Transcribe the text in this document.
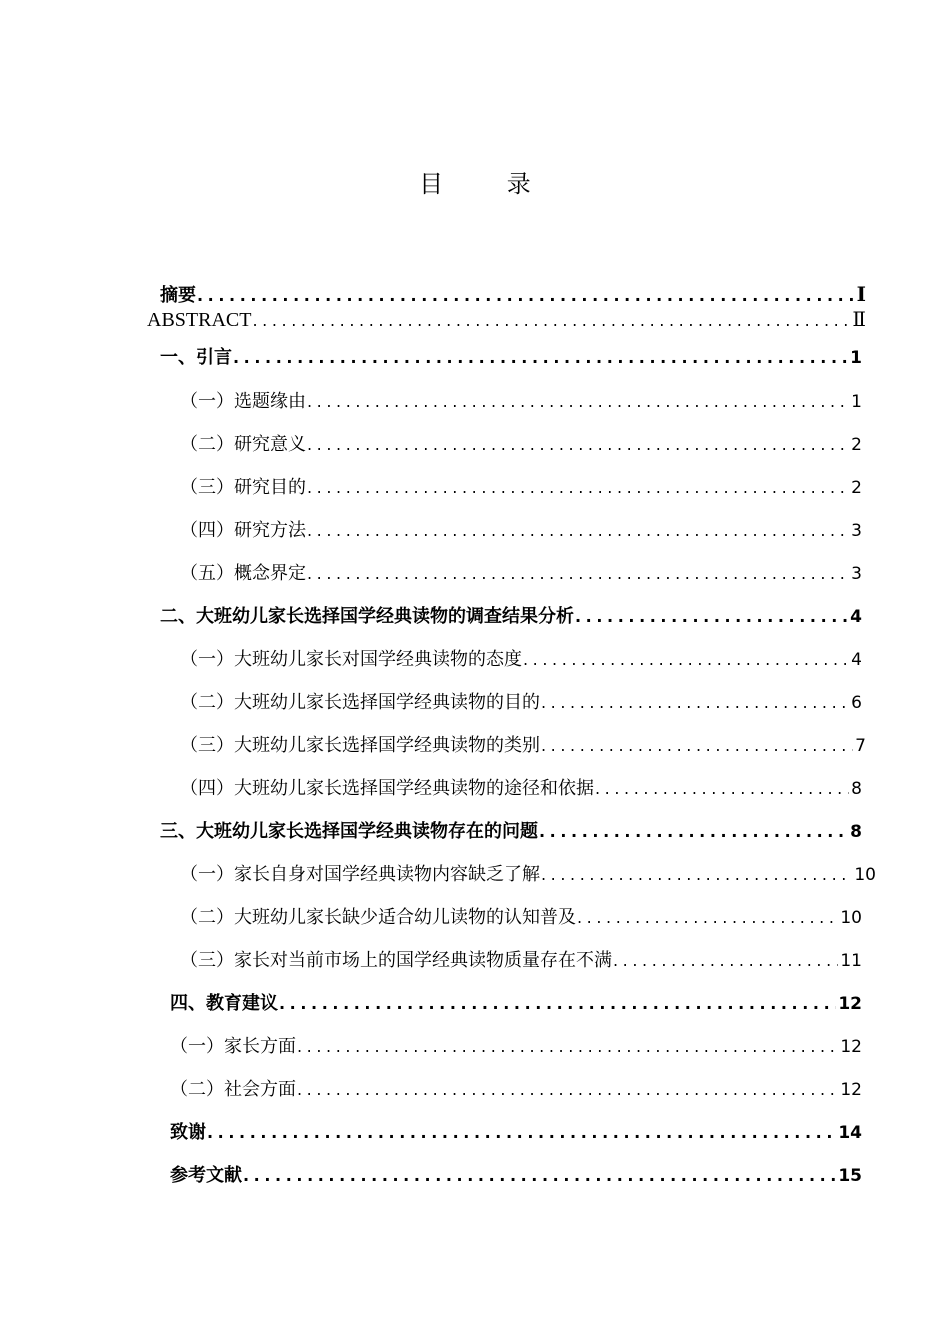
目 录
摘要 .....	Ⅰ
ABSTRACT .....	Ⅱ
一、引言 .....	1
（一）选题缘由 .....	1
（二）研究意义 .....	2
（三）研究目的 .....	2
（四）研究方法 .....	3
（五）概念界定 .....	3
二、大班幼儿家长选择国学经典读物的调查结果分析 .....	4
（一）大班幼儿家长对国学经典读物的态度 .....	4
（二）大班幼儿家长选择国学经典读物的目的 .....	6
（三）大班幼儿家长选择国学经典读物的类别 .....	7
（四）大班幼儿家长选择国学经典读物的途径和依据 .....	8
三、大班幼儿家长选择国学经典读物存在的问题 .....	8
（一）家长自身对国学经典读物内容缺乏了解 .....	10
（二）大班幼儿家长缺少适合幼儿读物的认知普及 .....	10
（三）家长对当前市场上的国学经典读物质量存在不满 .....	11
四、教育建议 .....	12
（一）家长方面 .....	12
（二）社会方面 .....	12
致谢 .....	14
参考文献 .....	15
